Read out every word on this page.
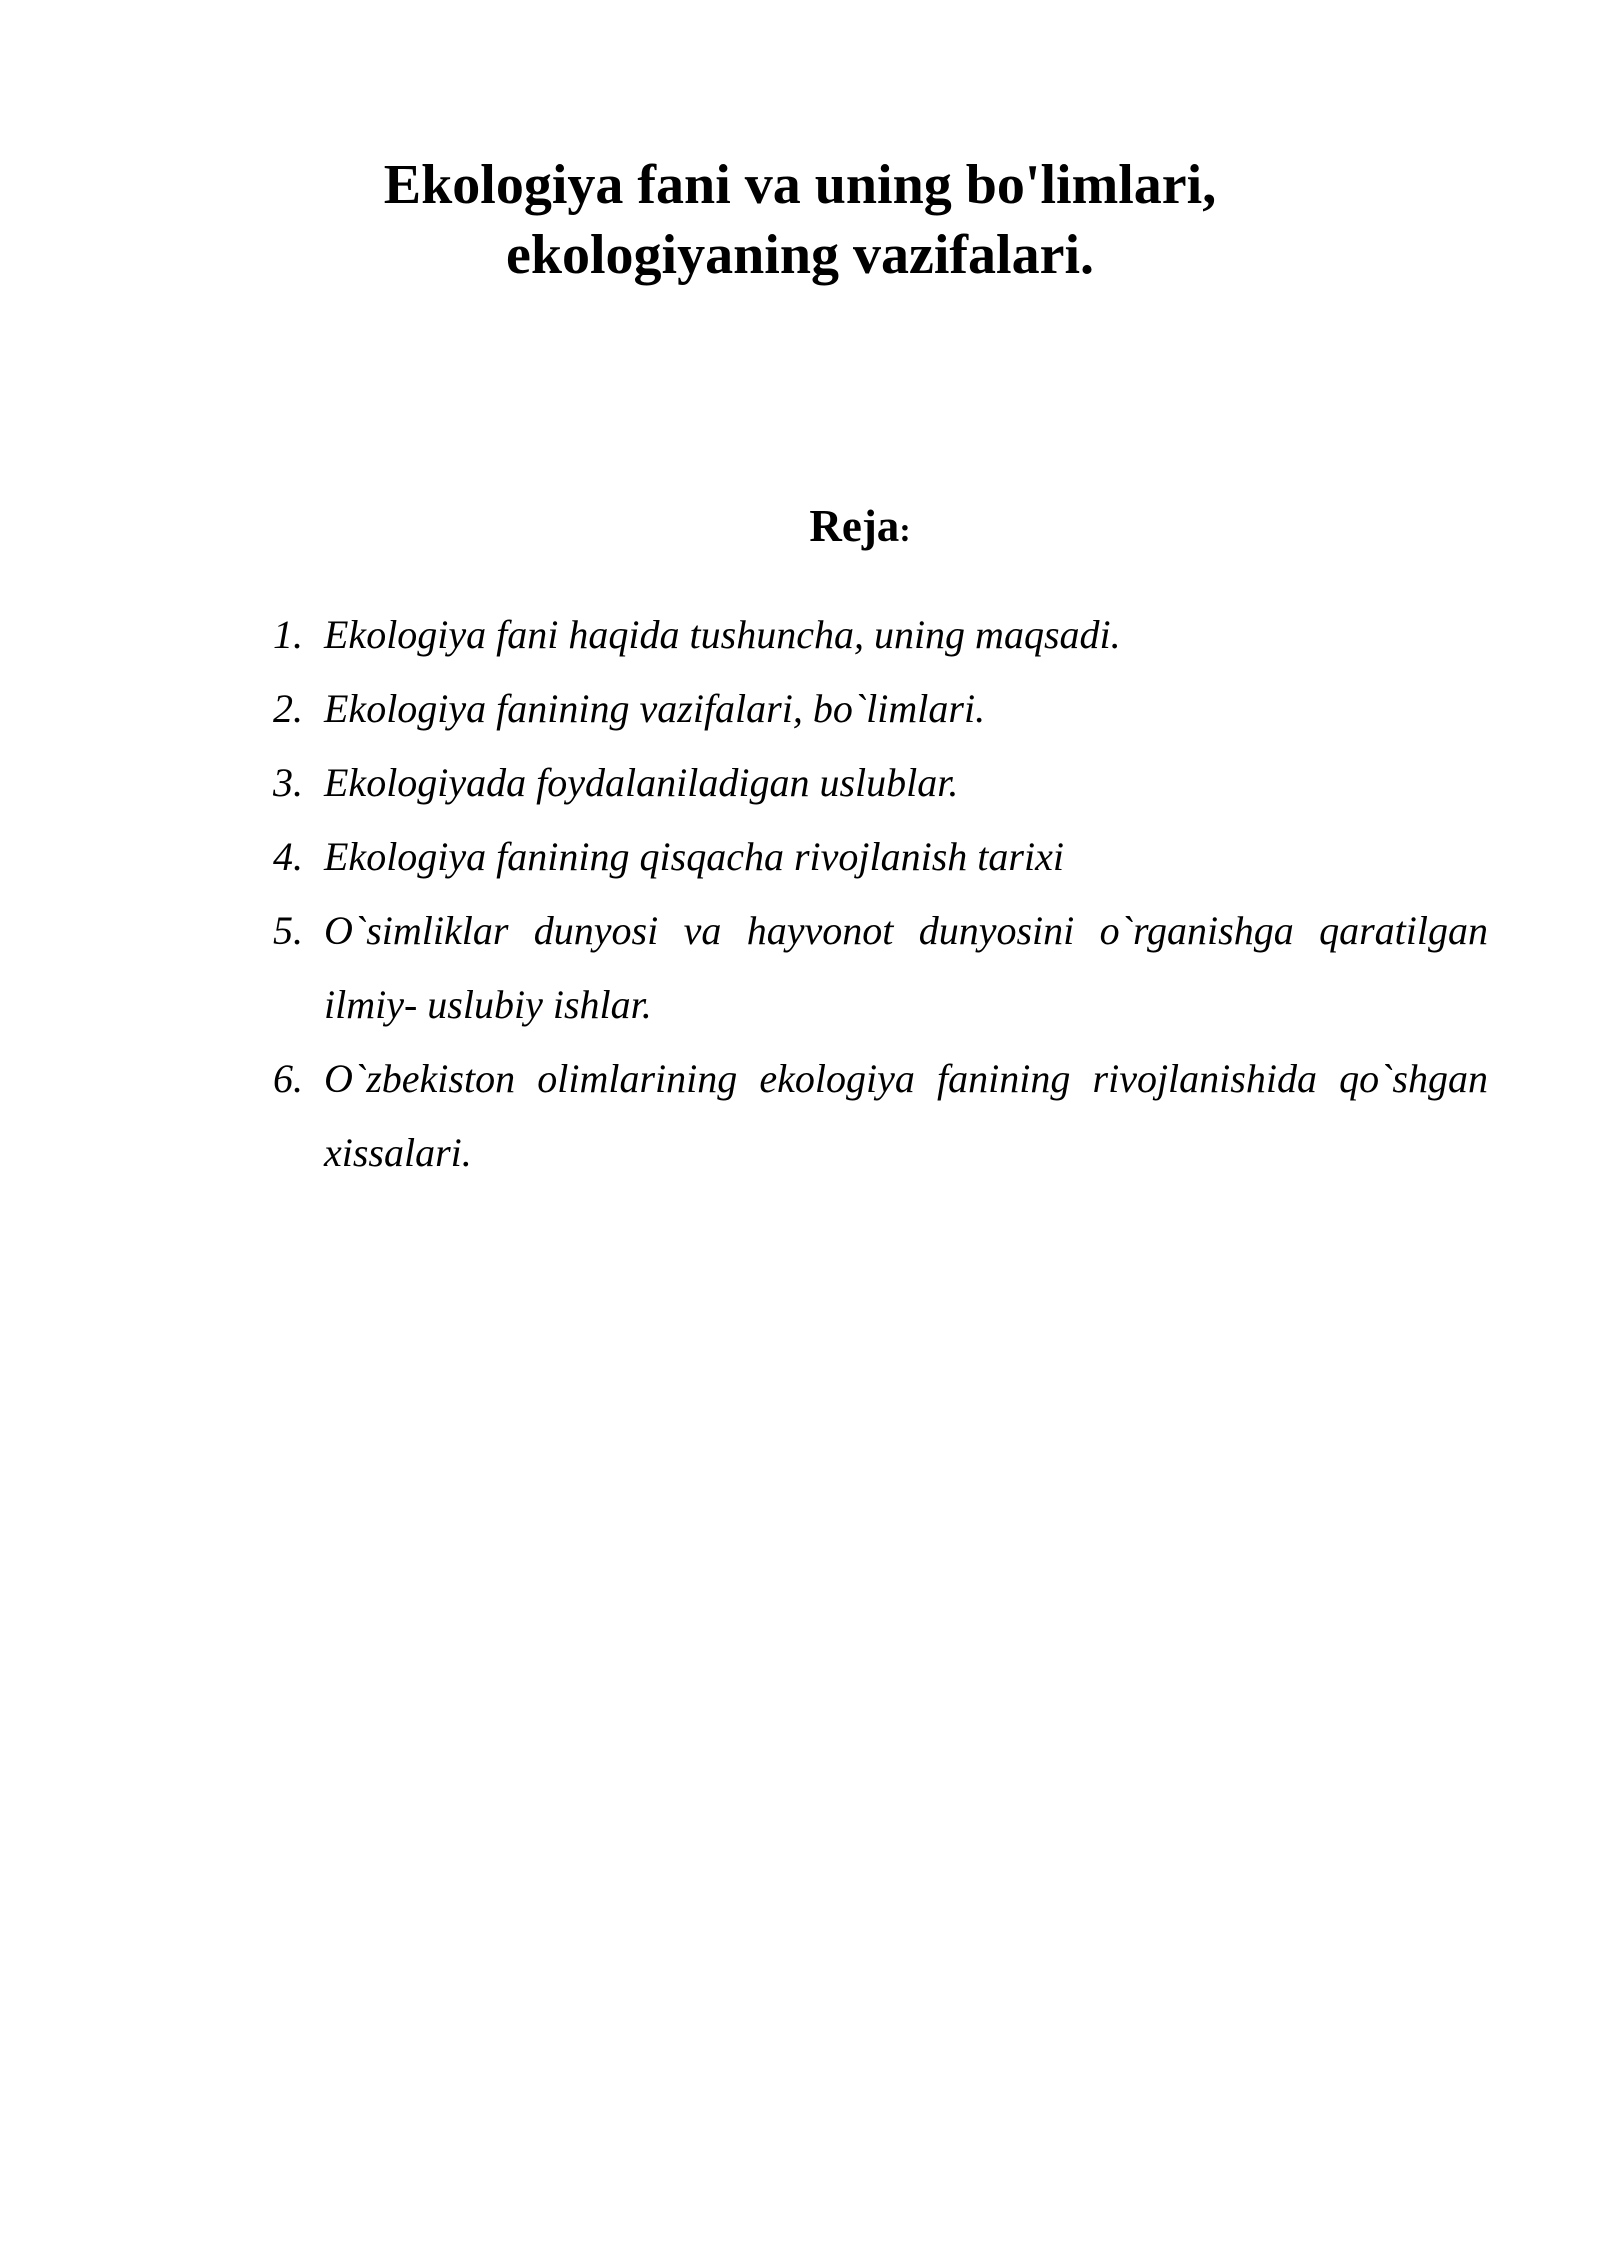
Ekologiya fani va uning bo'limlari,
ekologiyaning vazifalari.
Reja:
1. Ekologiya fani haqida tushuncha, uning maqsadi.
2. Ekologiya fanining vazifalari, bo`limlari.
3. Ekologiyada foydalaniladigan uslublar.
4. Ekologiya fanining qisqacha rivojlanish tarixi
5. O`simliklar dunyosi va hayvonot dunyosini o`rganishga qaratilgan ilmiy- uslubiy ishlar.
6. O`zbekiston olimlarining ekologiya fanining rivojlanishida qo`shgan xissalari.
